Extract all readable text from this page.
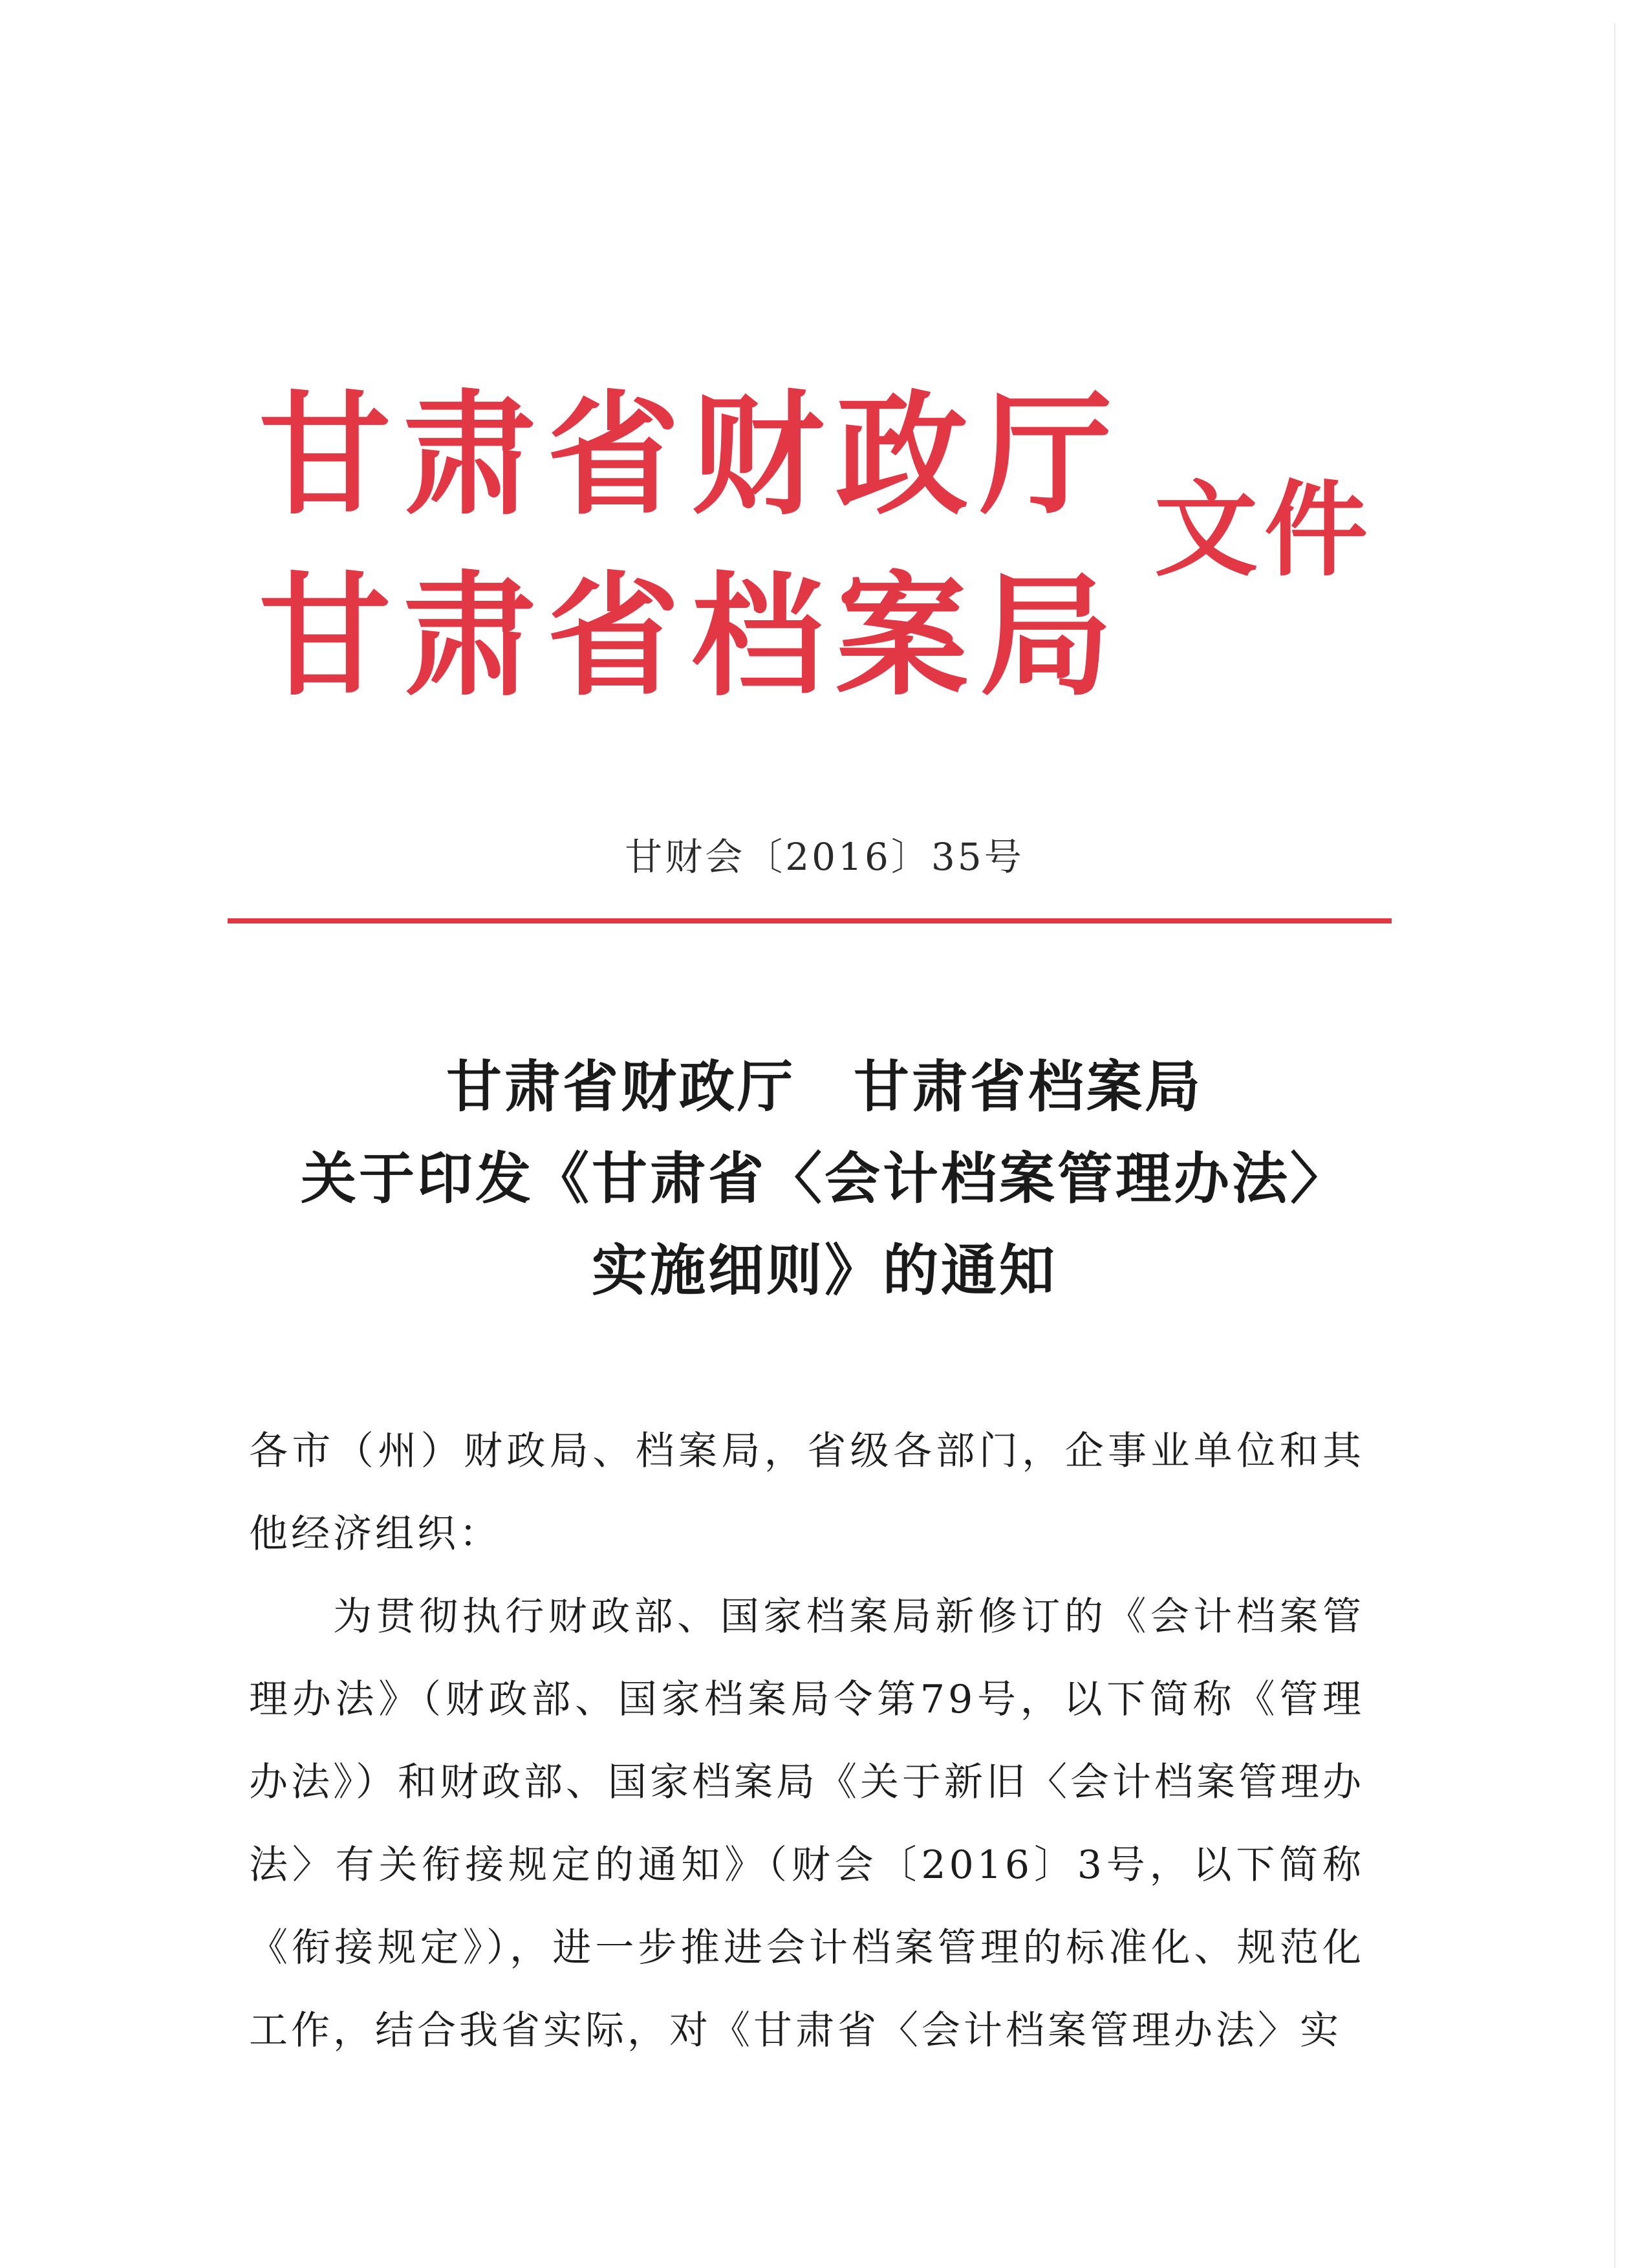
甘肃省财政厅
甘肃省档案局
文件

甘财会〔2016〕35号

甘肃省财政厅　甘肃省档案局

关于印发《甘肃省〈会计档案管理办法〉

实施细则》的通知

各市（州）财政局、档案局，省级各部门，企事业单位和其他经济组织：

为贯彻执行财政部、国家档案局新修订的《会计档案管理办法》（财政部、国家档案局令第79号，以下简称《管理办法》）和财政部、国家档案局《关于新旧〈会计档案管理办法〉有关衔接规定的通知》（财会〔2016〕3号，以下简称《衔接规定》），进一步推进会计档案管理的标准化、规范化工作，结合我省实际，对《甘肃省〈会计档案管理办法〉实
